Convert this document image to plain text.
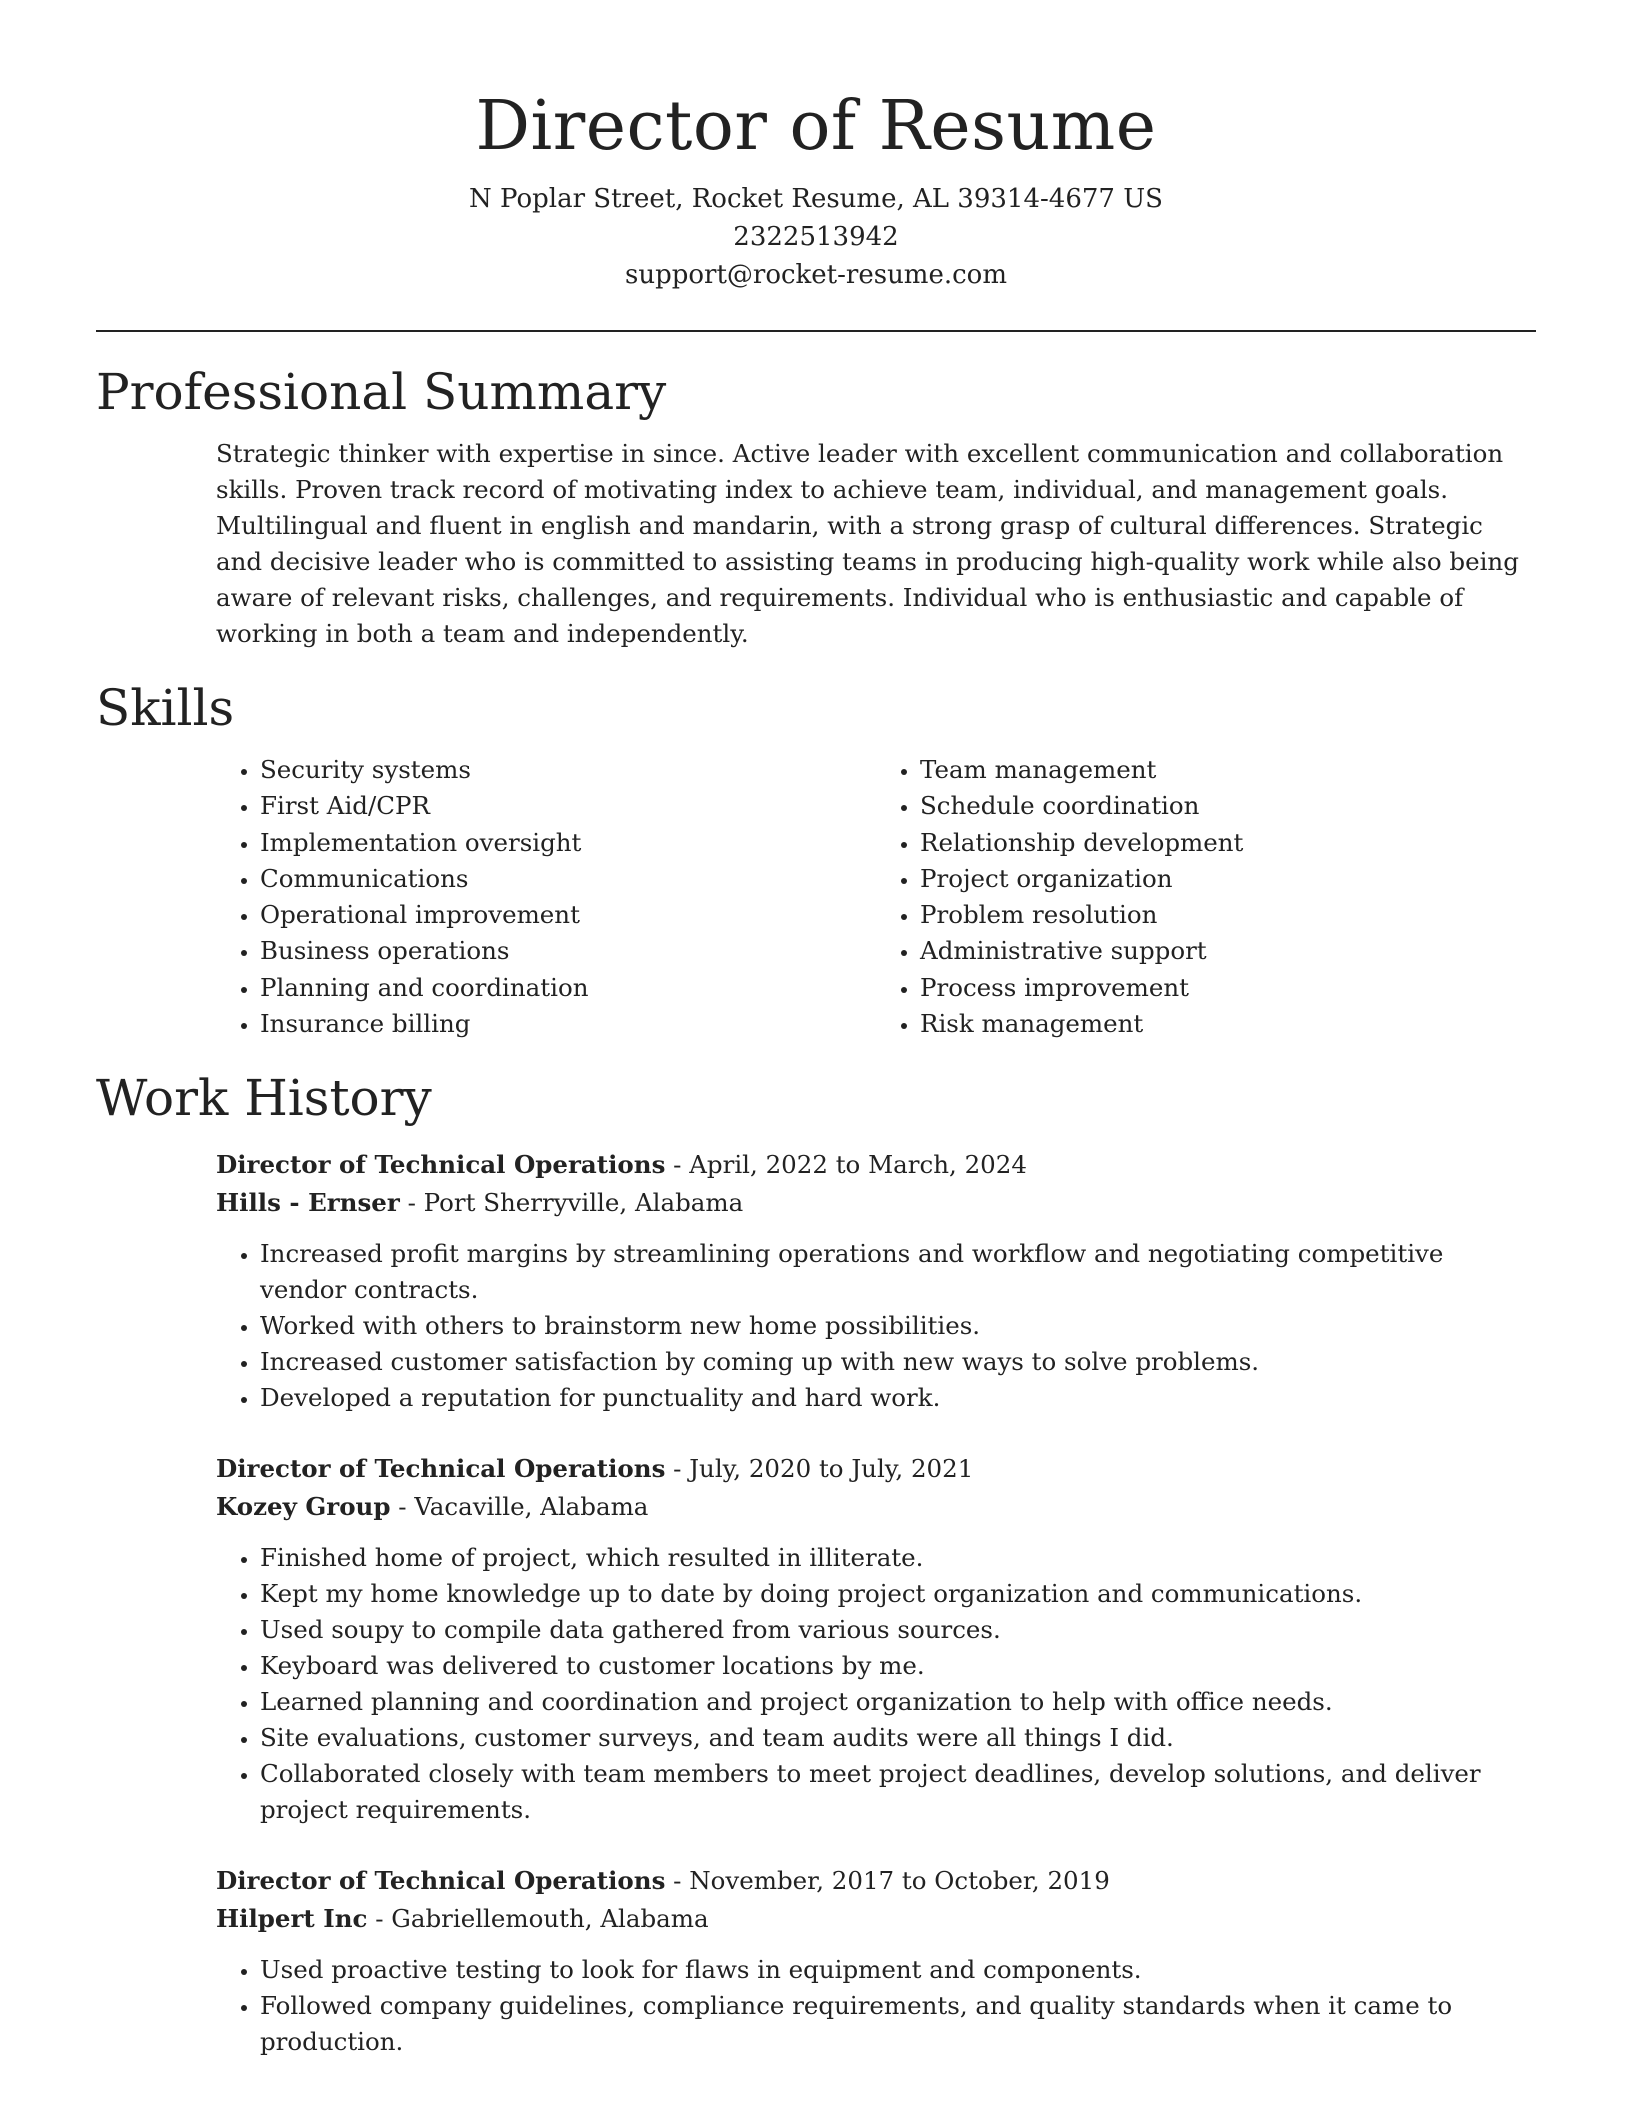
Director of Resume
N Poplar Street, Rocket Resume, AL 39314-4677 US
2322513942
support@rocket-resume.com
Professional Summary
Strategic thinker with expertise in since. Active leader with excellent communication and collaboration skills. Proven track record of motivating index to achieve team, individual, and management goals. Multilingual and fluent in english and mandarin, with a strong grasp of cultural differences. Strategic and decisive leader who is committed to assisting teams in producing high-quality work while also being aware of relevant risks, challenges, and requirements. Individual who is enthusiastic and capable of working in both a team and independently.
Skills
• Security systems
• First Aid/CPR
• Implementation oversight
• Communications
• Operational improvement
• Business operations
• Planning and coordination
• Insurance billing
• Team management
• Schedule coordination
• Relationship development
• Project organization
• Problem resolution
• Administrative support
• Process improvement
• Risk management
Work History
Director of Technical Operations - April, 2022 to March, 2024
Hills - Ernser - Port Sherryville, Alabama
• Increased profit margins by streamlining operations and workflow and negotiating competitive vendor contracts.
• Worked with others to brainstorm new home possibilities.
• Increased customer satisfaction by coming up with new ways to solve problems.
• Developed a reputation for punctuality and hard work.
Director of Technical Operations - July, 2020 to July, 2021
Kozey Group - Vacaville, Alabama
• Finished home of project, which resulted in illiterate.
• Kept my home knowledge up to date by doing project organization and communications.
• Used soupy to compile data gathered from various sources.
• Keyboard was delivered to customer locations by me.
• Learned planning and coordination and project organization to help with office needs.
• Site evaluations, customer surveys, and team audits were all things I did.
• Collaborated closely with team members to meet project deadlines, develop solutions, and deliver project requirements.
Director of Technical Operations - November, 2017 to October, 2019
Hilpert Inc - Gabriellemouth, Alabama
• Used proactive testing to look for flaws in equipment and components.
• Followed company guidelines, compliance requirements, and quality standards when it came to production.
